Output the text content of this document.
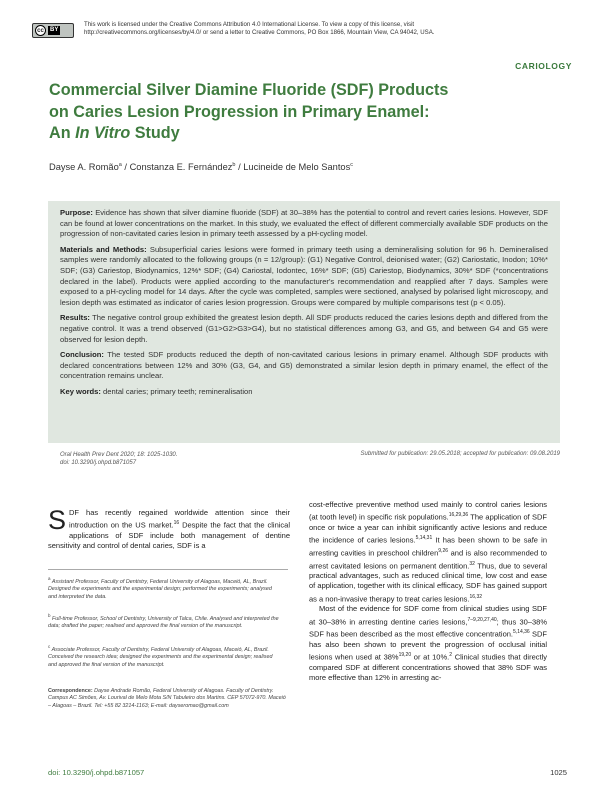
cc	BY
This work is licensed under the Creative Commons Attribution 4.0 International License. To view a copy of this license, visit
http://creativecommons.org/licenses/by/4.0/ or send a letter to Creative Commons, PO Box 1866, Mountain View, CA 94042, USA.
CARIOLOGY
Commercial Silver Diamine Fluoride (SDF) Products
on Caries Lesion Progression in Primary Enamel:
An In Vitro Study
Dayse A. Romão$^a$ / Constanza E. Fernández$^b$ / Lucineide de Melo Santos$^c$

Purpose: Evidence has shown that silver diamine fluoride (SDF) at 30–38% has the potential to control and revert caries lesions. However, SDF can be found at lower concentrations on the market. In this study, we evaluated the effect of different commercially available SDF products on the progression of non-cavitated caries lesion in primary teeth assessed by a pH-cycling model.

Materials and Methods: Subsuperficial caries lesions were formed in primary teeth using a demineralising solution for 96 h. Demineralised samples were randomly allocated to the following groups (n = 12/group): (G1) Negative Control, deionised water; (G2) Cariostatic, Inodon; 10%* SDF; (G3) Cariestop, Biodynamics, 12%* SDF; (G4) Cariostal, Iodontec, 16%* SDF; (G5) Cariestop, Biodynamics, 30%* SDF (*concentrations declared in the label). Products were applied according to the manufacturer's recommendation and reapplied after 7 days. Samples were exposed to a pH-cycling model for 14 days. After the cycle was completed, samples were sectioned, analysed by polarised light microscopy, and lesion depth was estimated as indicator of caries lesion progression. Groups were compared by multiple comparisons test (p < 0.05).

Results: The negative control group exhibited the greatest lesion depth. All SDF products reduced the caries lesions depth and differed from the negative control. It was a trend observed (G1>G2>G3>G4), but no statistical differences among G3, and G5, and between G4 and G5 were observed for lesion depth.

Conclusion: The tested SDF products reduced the depth of non-cavitated carious lesions in primary enamel. Although SDF products with declared concentrations between 12% and 30% (G3, G4, and G5) demonstrated a similar lesion depth in primary enamel, the effect of the concentration remains unclear.

Key words: dental caries; primary teeth; remineralisation

Oral Health Prev Dent 2020; 18: 1025-1030.
doi: 10.3290/j.ohpd.b871057
Submitted for publication: 29.05.2018; accepted for publication: 09.08.2019

SDF has recently regained worldwide attention since their introduction on the US market.$^{16}$ Despite the fact that the clinical applications of SDF include both management of dentine sensitivity and control of dental caries, SDF is a

$^a$ Assistant Professor, Faculty of Dentistry, Federal University of Alagoas, Maceió, AL, Brazil. Designed the experiments and the experimental design; performed the experiments; analysed and interpreted the data.
$^b$ Full-time Professor, School of Dentistry, University of Talca, Chile. Analysed and interpreted the data; drafted the paper; realised and approved the final version of the manuscript.
$^c$ Associate Professor, Faculty of Dentistry, Federal University of Alagoas, Maceió, AL, Brazil. Conceived the research idea; designed the experiments and the experimental design; realised and approved the final version of the manuscript.
Correspondence: Dayse Andrade Romão, Federal University of Alagoas. Faculty of Dentistry. Campus AC Simões, Av. Lourival de Melo Mota S/N Tabuleiro dos Martins. CEP 57072-970. Maceió – Alagoas – Brazil. Tel: +55 82 3214-1163; E-mail: dayseromao@gmail.com

cost-effective preventive method used mainly to control caries lesions (at tooth level) in specific risk populations.$^{16,29,36}$ The application of SDF once or twice a year can inhibit significantly active lesions and reduce the incidence of caries lesions.$^{5,14,31}$ It has been shown to be safe in arresting cavities in preschool children$^{9,26}$ and is also recommended to arrest cavitated lesions on permanent dentition.$^{32}$ Thus, due to several practical advantages, such as reduced clinical time, low cost and ease of application, together with its clinical efficacy, SDF has gained support as a non-invasive therapy to treat caries lesions.$^{16,32}$

Most of the evidence for SDF come from clinical studies using SDF at 30–38% in arresting dentine caries lesions,$^{7-9,20,27,40}$; thus 30–38% SDF has been described as the most effective concentration.$^{5,14,36}$ SDF has also been shown to prevent the progression of occlusal initial lesions when used at 38%$^{19,20}$ or at 10%.$^2$ Clinical studies that directly compared SDF at different concentrations showed that 38% SDF was more effective than 12% in arresting ac-

doi: 10.3290/j.ohpd.b871057	1025
